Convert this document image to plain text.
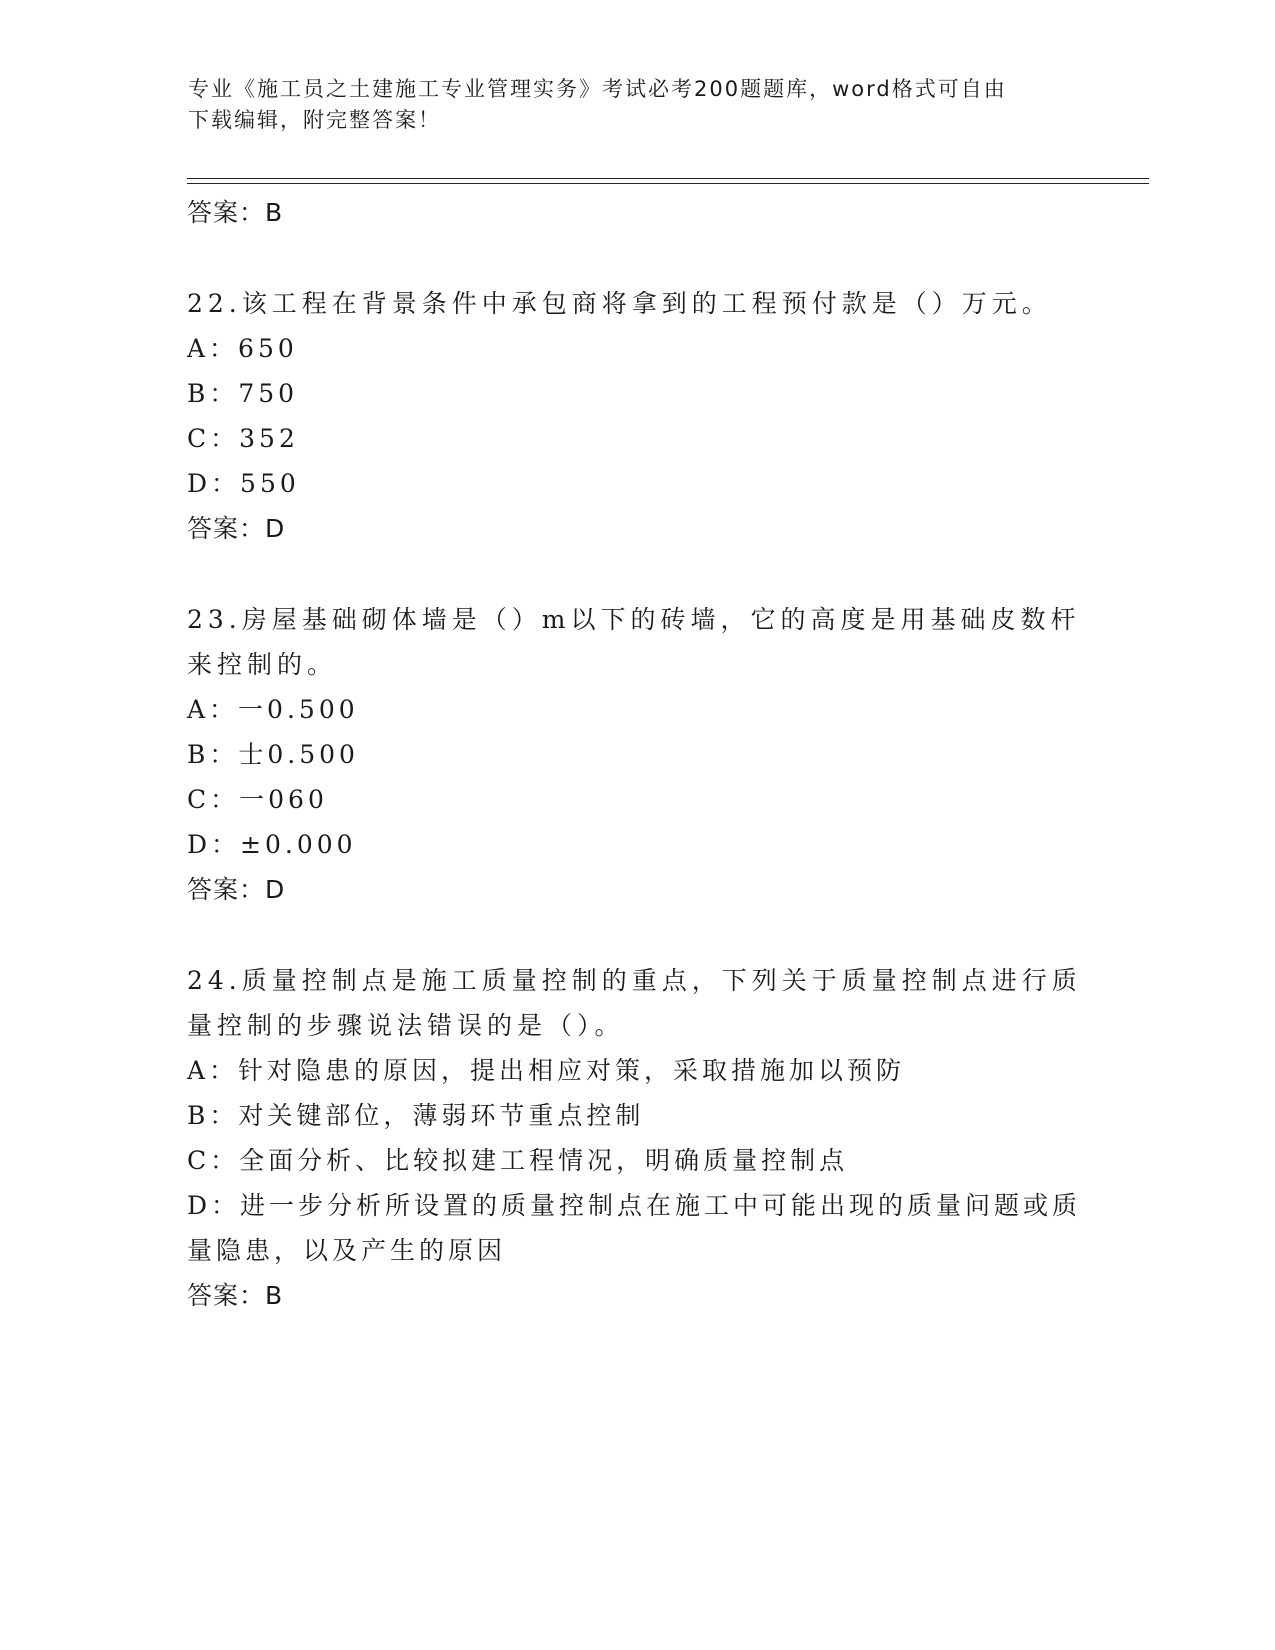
专业《施工员之土建施工专业管理实务》考试必考200题题库，word格式可自由
下载编辑，附完整答案！
答案：B
22.该工程在背景条件中承包商将拿到的工程预付款是（）万元。
A：650
B：750
C：352
D：550
答案：D
23.房屋基础砌体墙是（）m以下的砖墙，它的高度是用基础皮数杆来控制的。
A：一0.500
B：士0.500
C：一060
D：±0.000
答案：D
24.质量控制点是施工质量控制的重点，下列关于质量控制点进行质量控制的步骤说法错误的是（）。
A：针对隐患的原因，提出相应对策，采取措施加以预防
B：对关键部位，薄弱环节重点控制
C：全面分析、比较拟建工程情况，明确质量控制点
D：进一步分析所设置的质量控制点在施工中可能出现的质量问题或质量隐患，以及产生的原因
答案：B
